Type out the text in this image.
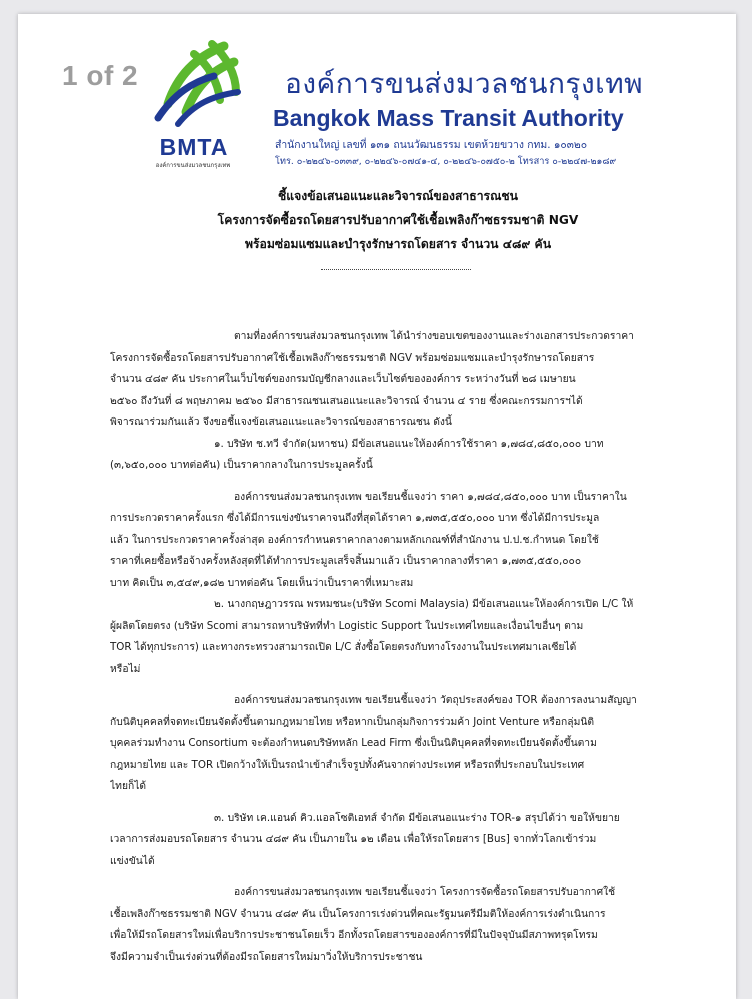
1 of 2
BMTA
องค์การขนส่งมวลชนกรุงเทพ
องค์การขนส่งมวลชนกรุงเทพ
Bangkok Mass Transit Authority
สำนักงานใหญ่ เลขที่ ๑๓๑ ถนนวัฒนธรรม เขตห้วยขวาง กทม. ๑๐๓๒๐
โทร. ๐-๒๒๔๖-๐๓๓๙, ๐-๒๒๔๖-๐๗๔๑-๔, ๐-๒๒๔๖-๐๗๕๐-๒ โทรสาร ๐-๒๒๔๗-๒๑๘๙
ชี้แจงข้อเสนอแนะและวิจารณ์ของสาธารณชน
โครงการจัดซื้อรถโดยสารปรับอากาศใช้เชื้อเพลิงก๊าซธรรมชาติ NGV
พร้อมซ่อมแซมและบำรุงรักษารถโดยสาร จำนวน ๔๘๙ คัน

ตามที่องค์การขนส่งมวลชนกรุงเทพ ได้นำร่างขอบเขตของงานและร่างเอกสารประกวดราคา

โครงการจัดซื้อรถโดยสารปรับอากาศใช้เชื้อเพลิงก๊าซธรรมชาติ NGV พร้อมซ่อมแซมและบำรุงรักษารถโดยสาร

จำนวน ๔๘๙ คัน ประกาศในเว็บไซต์ของกรมบัญชีกลางและเว็บไซต์ขององค์การ ระหว่างวันที่ ๒๘ เมษายน

๒๕๖๐ ถึงวันที่ ๘ พฤษภาคม ๒๕๖๐ มีสาธารณชนเสนอแนะและวิจารณ์ จำนวน ๔ ราย ซึ่งคณะกรรมการฯได้

พิจารณาร่วมกันแล้ว จึงขอชี้แจงข้อเสนอแนะและวิจารณ์ของสาธารณชน ดังนี้

๑. บริษัท ช.ทวี จำกัด(มหาชน) มีข้อเสนอแนะให้องค์การใช้ราคา ๑,๗๘๔,๘๕๐,๐๐๐ บาท

(๓,๖๕๐,๐๐๐ บาทต่อคัน) เป็นราคากลางในการประมูลครั้งนี้

องค์การขนส่งมวลชนกรุงเทพ ขอเรียนชี้แจงว่า ราคา ๑,๗๘๔,๘๕๐,๐๐๐ บาท เป็นราคาใน

การประกวดราคาครั้งแรก ซึ่งได้มีการแข่งขันราคาจนถึงที่สุดได้ราคา ๑,๗๓๕,๕๕๐,๐๐๐ บาท ซึ่งได้มีการประมูล

แล้ว ในการประกวดราคาครั้งล่าสุด องค์การกำหนดราคากลางตามหลักเกณฑ์ที่สำนักงาน ป.ป.ช.กำหนด โดยใช้

ราคาที่เคยซื้อหรือจ้างครั้งหลังสุดที่ได้ทำการประมูลเสร็จสิ้นมาแล้ว เป็นราคากลางที่ราคา ๑,๗๓๕,๕๕๐,๐๐๐

บาท คิดเป็น ๓,๕๔๙,๑๘๒ บาทต่อคัน โดยเห็นว่าเป็นราคาที่เหมาะสม

๒. นางกฤษฎาวรรณ พรหมชนะ(บริษัท Scomi Malaysia) มีข้อเสนอแนะให้องค์การเปิด L/C ให้

ผู้ผลิตโดยตรง (บริษัท Scomi สามารถหาบริษัทที่ทำ Logistic Support ในประเทศไทยและเงื่อนไขอื่นๆ ตาม

TOR ได้ทุกประการ) และทางกระทรวงสามารถเปิด L/C สั่งซื้อโดยตรงกับทางโรงงานในประเทศมาเลเซียได้

หรือไม่

องค์การขนส่งมวลชนกรุงเทพ ขอเรียนชี้แจงว่า วัตถุประสงค์ของ TOR ต้องการลงนามสัญญา

กับนิติบุคคลที่จดทะเบียนจัดตั้งขึ้นตามกฎหมายไทย หรือหากเป็นกลุ่มกิจการร่วมค้า Joint Venture หรือกลุ่มนิติ

บุคคลร่วมทำงาน Consortium จะต้องกำหนดบริษัทหลัก Lead Firm ซึ่งเป็นนิติบุคคลที่จดทะเบียนจัดตั้งขึ้นตาม

กฎหมายไทย และ TOR เปิดกว้างให้เป็นรถนำเข้าสำเร็จรูปทั้งคันจากต่างประเทศ หรือรถที่ประกอบในประเทศ

ไทยก็ได้

๓. บริษัท เค.แอนด์ คิว.แอลโซติเอทส์ จำกัด มีข้อเสนอแนะร่าง TOR-๑ สรุปได้ว่า ขอให้ขยาย

เวลาการส่งมอบรถโดยสาร จำนวน ๔๘๙ คัน เป็นภายใน ๑๒ เดือน เพื่อให้รถโดยสาร [Bus] จากทั่วโลกเข้าร่วม

แข่งขันได้

องค์การขนส่งมวลชนกรุงเทพ ขอเรียนชี้แจงว่า โครงการจัดซื้อรถโดยสารปรับอากาศใช้

เชื้อเพลิงก๊าซธรรมชาติ NGV จำนวน ๔๘๙ คัน เป็นโครงการเร่งด่วนที่คณะรัฐมนตรีมีมติให้องค์การเร่งดำเนินการ

เพื่อให้มีรถโดยสารใหม่เพื่อบริการประชาชนโดยเร็ว อีกทั้งรถโดยสารขององค์การที่มีในปัจจุบันมีสภาพทรุดโทรม

จึงมีความจำเป็นเร่งด่วนที่ต้องมีรถโดยสารใหม่มาวิ่งให้บริการประชาชน
